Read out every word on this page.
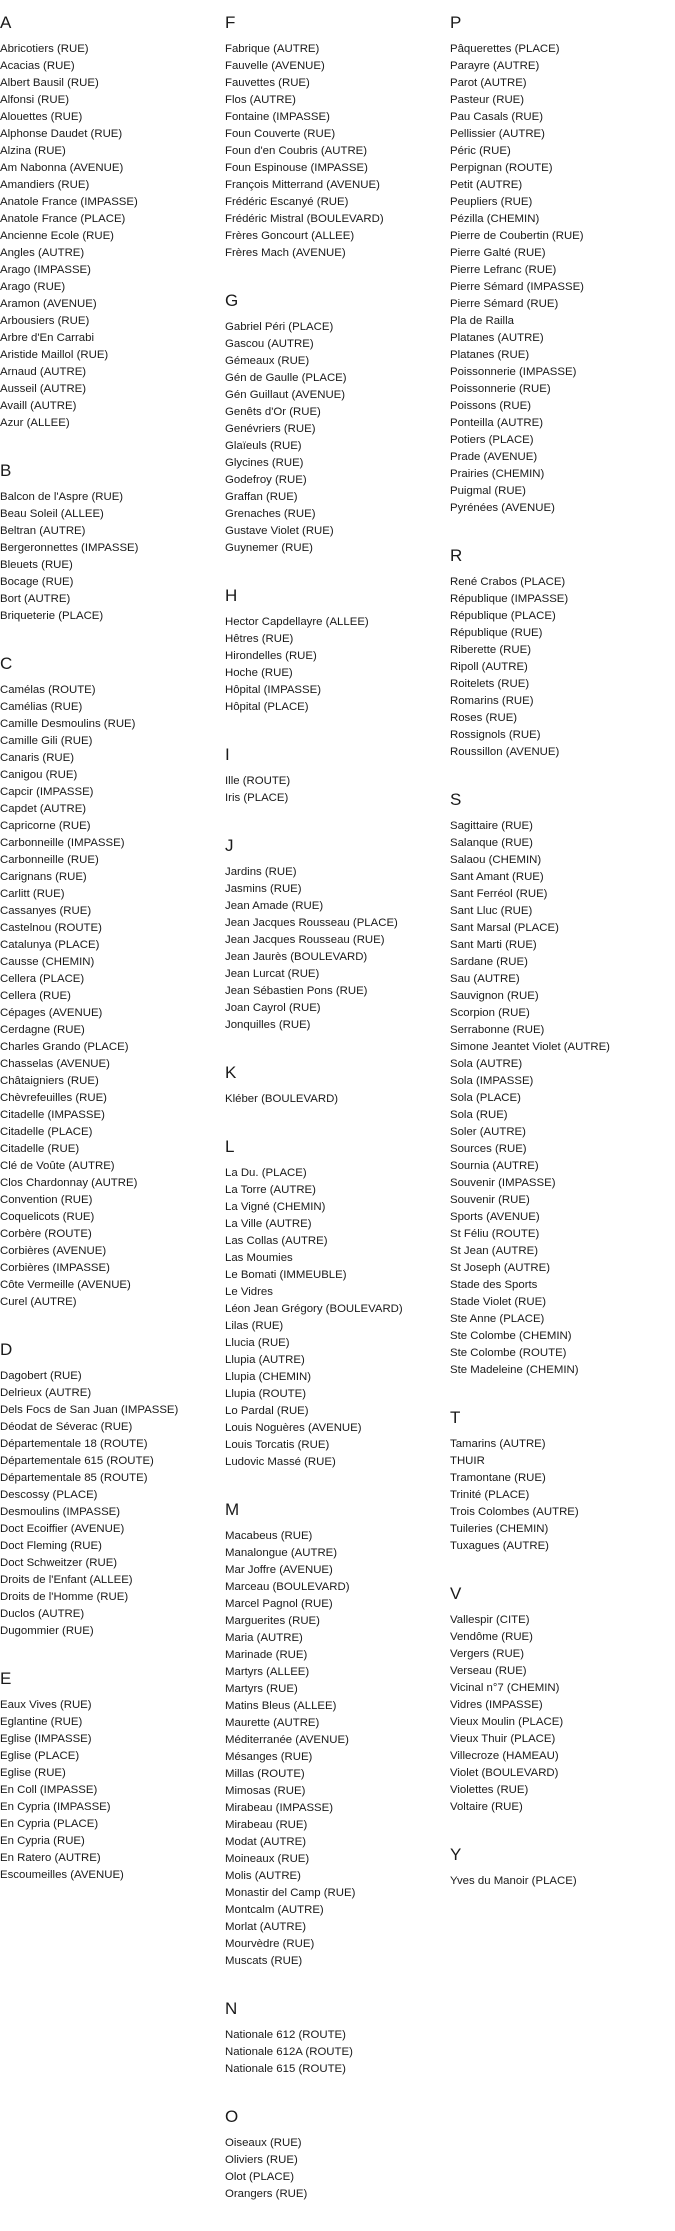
A
Abricotiers (RUE)
Acacias (RUE)
Albert Bausil (RUE)
Alfonsi (RUE)
Alouettes (RUE)
Alphonse Daudet (RUE)
Alzina (RUE)
Am Nabonna (AVENUE)
Amandiers (RUE)
Anatole France (IMPASSE)
Anatole France (PLACE)
Ancienne Ecole (RUE)
Angles (AUTRE)
Arago (IMPASSE)
Arago (RUE)
Aramon (AVENUE)
Arbousiers (RUE)
Arbre d'En Carrabi
Aristide Maillol (RUE)
Arnaud (AUTRE)
Ausseil (AUTRE)
Availl (AUTRE)
Azur (ALLEE)
B
Balcon de l'Aspre (RUE)
Beau Soleil (ALLEE)
Beltran (AUTRE)
Bergeronnettes (IMPASSE)
Bleuets (RUE)
Bocage (RUE)
Bort (AUTRE)
Briqueterie (PLACE)
C
Camélas (ROUTE)
Camélias (RUE)
Camille Desmoulins (RUE)
Camille Gili (RUE)
Canaris (RUE)
Canigou (RUE)
Capcir (IMPASSE)
Capdet (AUTRE)
Capricorne (RUE)
Carbonneille (IMPASSE)
Carbonneille (RUE)
Carignans (RUE)
Carlitt (RUE)
Cassanyes (RUE)
Castelnou (ROUTE)
Catalunya (PLACE)
Causse (CHEMIN)
Cellera (PLACE)
Cellera (RUE)
Cépages (AVENUE)
Cerdagne (RUE)
Charles Grando (PLACE)
Chasselas (AVENUE)
Châtaigniers (RUE)
Chèvrefeuilles (RUE)
Citadelle (IMPASSE)
Citadelle (PLACE)
Citadelle (RUE)
Clé de Voûte (AUTRE)
Clos Chardonnay (AUTRE)
Convention (RUE)
Coquelicots (RUE)
Corbère (ROUTE)
Corbières (AVENUE)
Corbières (IMPASSE)
Côte Vermeille (AVENUE)
Curel (AUTRE)
D
Dagobert (RUE)
Delrieux (AUTRE)
Dels Focs de San Juan (IMPASSE)
Déodat de Séverac (RUE)
Départementale 18 (ROUTE)
Départementale 615 (ROUTE)
Départementale 85 (ROUTE)
Descossy (PLACE)
Desmoulins (IMPASSE)
Doct Ecoiffier (AVENUE)
Doct Fleming (RUE)
Doct Schweitzer (RUE)
Droits de l'Enfant (ALLEE)
Droits de l'Homme (RUE)
Duclos (AUTRE)
Dugommier (RUE)
E
Eaux Vives (RUE)
Eglantine (RUE)
Eglise (IMPASSE)
Eglise (PLACE)
Eglise (RUE)
En Coll (IMPASSE)
En Cypria (IMPASSE)
En Cypria (PLACE)
En Cypria (RUE)
En Ratero (AUTRE)
Escoumeilles (AVENUE)
F
Fabrique (AUTRE)
Fauvelle (AVENUE)
Fauvettes (RUE)
Flos (AUTRE)
Fontaine (IMPASSE)
Foun Couverte (RUE)
Foun d'en Coubris (AUTRE)
Foun Espinouse (IMPASSE)
François Mitterrand (AVENUE)
Frédéric Escanyé (RUE)
Frédéric Mistral (BOULEVARD)
Frères Goncourt (ALLEE)
Frères Mach (AVENUE)
G
Gabriel Péri (PLACE)
Gascou (AUTRE)
Gémeaux (RUE)
Gén de Gaulle (PLACE)
Gén Guillaut (AVENUE)
Genêts d'Or (RUE)
Genévriers (RUE)
Glaïeuls (RUE)
Glycines (RUE)
Godefroy (RUE)
Graffan (RUE)
Grenaches (RUE)
Gustave Violet (RUE)
Guynemer (RUE)
H
Hector Capdellayre (ALLEE)
Hêtres (RUE)
Hirondelles (RUE)
Hoche (RUE)
Hôpital (IMPASSE)
Hôpital (PLACE)
I
Ille (ROUTE)
Iris (PLACE)
J
Jardins (RUE)
Jasmins (RUE)
Jean Amade (RUE)
Jean Jacques Rousseau (PLACE)
Jean Jacques Rousseau (RUE)
Jean Jaurès (BOULEVARD)
Jean Lurcat (RUE)
Jean Sébastien Pons (RUE)
Joan Cayrol (RUE)
Jonquilles (RUE)
K
Kléber (BOULEVARD)
L
La Du. (PLACE)
La Torre (AUTRE)
La Vigné (CHEMIN)
La Ville (AUTRE)
Las Collas (AUTRE)
Las Moumies
Le Bomati (IMMEUBLE)
Le Vidres
Léon Jean Grégory (BOULEVARD)
Lilas (RUE)
Llucia (RUE)
Llupia (AUTRE)
Llupia (CHEMIN)
Llupia (ROUTE)
Lo Pardal (RUE)
Louis Noguères (AVENUE)
Louis Torcatis (RUE)
Ludovic Massé (RUE)
M
Macabeus (RUE)
Manalongue (AUTRE)
Mar Joffre (AVENUE)
Marceau (BOULEVARD)
Marcel Pagnol (RUE)
Marguerites (RUE)
Maria (AUTRE)
Marinade (RUE)
Martyrs (ALLEE)
Martyrs (RUE)
Matins Bleus (ALLEE)
Maurette (AUTRE)
Méditerranée (AVENUE)
Mésanges (RUE)
Millas (ROUTE)
Mimosas (RUE)
Mirabeau (IMPASSE)
Mirabeau (RUE)
Modat (AUTRE)
Moineaux (RUE)
Molis (AUTRE)
Monastir del Camp (RUE)
Montcalm (AUTRE)
Morlat (AUTRE)
Mourvèdre (RUE)
Muscats (RUE)
N
Nationale 612 (ROUTE)
Nationale 612A (ROUTE)
Nationale 615 (ROUTE)
O
Oiseaux (RUE)
Oliviers (RUE)
Olot (PLACE)
Orangers (RUE)
P
Pâquerettes (PLACE)
Parayre (AUTRE)
Parot (AUTRE)
Pasteur (RUE)
Pau Casals (RUE)
Pellissier (AUTRE)
Péric (RUE)
Perpignan (ROUTE)
Petit (AUTRE)
Peupliers (RUE)
Pézilla (CHEMIN)
Pierre de Coubertin (RUE)
Pierre Galté (RUE)
Pierre Lefranc (RUE)
Pierre Sémard (IMPASSE)
Pierre Sémard (RUE)
Pla de Railla
Platanes (AUTRE)
Platanes (RUE)
Poissonnerie (IMPASSE)
Poissonnerie (RUE)
Poissons (RUE)
Ponteilla (AUTRE)
Potiers (PLACE)
Prade (AVENUE)
Prairies (CHEMIN)
Puigmal (RUE)
Pyrénées (AVENUE)
R
René Crabos (PLACE)
République (IMPASSE)
République (PLACE)
République (RUE)
Riberette (RUE)
Ripoll (AUTRE)
Roitelets (RUE)
Romarins (RUE)
Roses (RUE)
Rossignols (RUE)
Roussillon (AVENUE)
S
Sagittaire (RUE)
Salanque (RUE)
Salaou (CHEMIN)
Sant Amant (RUE)
Sant Ferréol (RUE)
Sant Lluc (RUE)
Sant Marsal (PLACE)
Sant Marti (RUE)
Sardane (RUE)
Sau (AUTRE)
Sauvignon (RUE)
Scorpion (RUE)
Serrabonne (RUE)
Simone Jeantet Violet (AUTRE)
Sola (AUTRE)
Sola (IMPASSE)
Sola (PLACE)
Sola (RUE)
Soler (AUTRE)
Sources (RUE)
Sournia (AUTRE)
Souvenir (IMPASSE)
Souvenir (RUE)
Sports (AVENUE)
St Féliu (ROUTE)
St Jean (AUTRE)
St Joseph (AUTRE)
Stade des Sports
Stade Violet (RUE)
Ste Anne (PLACE)
Ste Colombe (CHEMIN)
Ste Colombe (ROUTE)
Ste Madeleine (CHEMIN)
T
Tamarins (AUTRE)
THUIR
Tramontane (RUE)
Trinité (PLACE)
Trois Colombes (AUTRE)
Tuileries (CHEMIN)
Tuxagues (AUTRE)
V
Vallespir (CITE)
Vendôme (RUE)
Vergers (RUE)
Verseau (RUE)
Vicinal n°7 (CHEMIN)
Vidres (IMPASSE)
Vieux Moulin (PLACE)
Vieux Thuir (PLACE)
Villecroze (HAMEAU)
Violet (BOULEVARD)
Violettes (RUE)
Voltaire (RUE)
Y
Yves du Manoir (PLACE)
